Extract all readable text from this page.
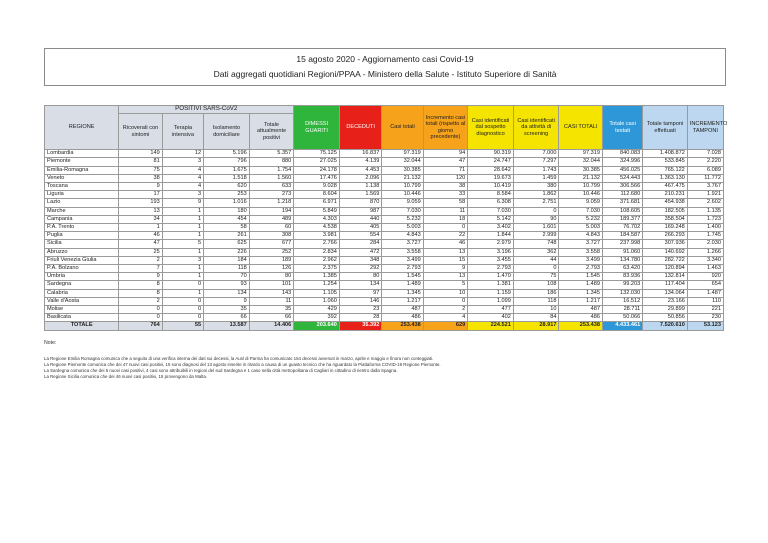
15 agosto 2020 - Aggiornamento casi Covid-19
Dati aggregati quotidiani Regioni/PPAA - Ministero della Salute - Istituto Superiore di Sanità
REGIONE	POSITIVI SARS-CoV2				DIMESSI GUARITI	DECEDUTI	Casi totali	Incremento casi totali (rispetto al giorno precedente)	Casi identificati dal sospetto diagnostico	Casi identificati da attività di screening	CASI TOTALI	Totale casi testati	Totale tamponi effettuati	INCREMENTO TAMPONI
	Ricoverati con sintomi	Terapia intensiva	Isolamento domiciliare	Totale attualmente positivi										
Lombardia	149	12	5.196	5.357	75.125	16.837	97.319	94	90.319	7.000	97.319	840.083	1.408.872	7.028
Piemonte	81	3	796	880	27.025	4.139	32.044	47	24.747	7.297	32.044	324.996	533.845	2.220
Emilia-Romagna	75	4	1.675	1.754	24.178	4.453	30.385	71	28.642	1.743	30.385	456.025	765.122	6.089
Veneto	38	4	1.518	1.560	17.476	2.096	21.132	120	19.673	1.459	21.132	524.443	1.363.130	11.772
Toscana	9	4	620	633	9.028	1.138	10.799	38	10.419	380	10.799	306.566	467.475	3.767
Liguria	17	3	253	273	8.604	1.569	10.446	33	8.584	1.862	10.446	112.680	210.231	1.921
Lazio	193	9	1.016	1.218	6.971	870	9.059	58	6.308	2.751	9.059	371.681	454.938	2.602
Marche	13	1	180	194	5.849	987	7.030	11	7.030	0	7.030	108.605	182.505	1.135
Campania	34	1	454	489	4.303	440	5.232	18	5.142	90	5.232	189.377	358.504	1.723
P.A. Trento	1	1	58	60	4.538	405	5.003	0	3.402	1.601	5.003	76.702	169.248	1.400
Puglia	46	1	261	308	3.981	554	4.843	22	1.844	2.999	4.843	184.587	266.293	1.745
Sicilia	47	5	625	677	2.766	284	3.727	46	2.979	748	3.727	237.998	307.936	2.030
Abruzzo	25	1	226	252	2.834	472	3.558	13	3.196	362	3.558	91.060	140.692	1.266
Friuli Venezia Giulia	2	3	184	189	2.962	348	3.499	15	3.455	44	3.499	134.780	282.722	3.340
P.A. Bolzano	7	1	118	126	2.375	292	2.793	9	2.793	0	2.793	63.420	120.894	1.463
Umbria	9	1	70	80	1.385	80	1.545	13	1.470	75	1.545	83.936	132.814	920
Sardegna	8	0	93	101	1.254	134	1.489	5	1.381	108	1.489	99.203	117.404	654
Calabria	8	1	134	143	1.105	97	1.345	10	1.159	186	1.345	132.030	134.064	1.487
Valle d'Aosta	2	0	9	11	1.060	146	1.217	0	1.099	118	1.217	16.512	23.166	110
Molise	0	0	35	35	429	23	487	2	477	10	487	28.711	29.899	221
Basilicata	0	0	66	66	392	28	486	4	402	84	486	50.066	50.856	230
TOTALE	764	55	13.587	14.406	203.640	35.392	253.438	629	224.521	28.917	253.438	4.433.461	7.520.610	53.123
Note:
La Regione Emilia Romagna comunica che a seguito di una verifica interna dei dati sui decessi, la Ausl di Parma ha comunicato 154 decessi avvenuti in marzo, aprile e maggio e finora non conteggiati.
La Regione Piemonte comunica che dei 47 nuovi casi positivi, 15 sono diagnosi del 13 agosto inserite in ritardo a causa di un guasto tecnico che ha riguardato la Piattaforma COVID-19 Regione Piemonte.
La Sardegna comunica che dei 5 nuovi casi positivi, 4 casi sono attribuibili in regioni del sud Sardegna e 1 caso nella città metropolitana di Cagliari in cittadino di rientro dalla Spagna.
La Regione Sicilia comunica che dei 46 nuovi casi positivi, 15 provengono da Malta.
